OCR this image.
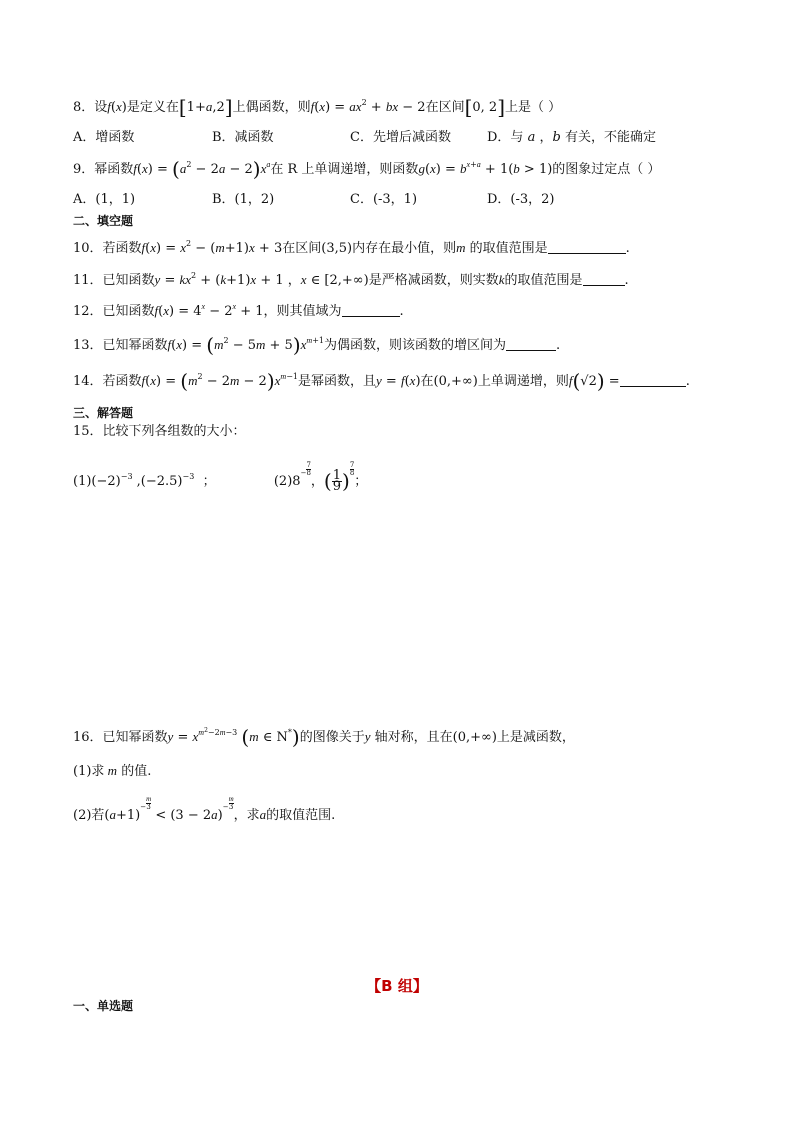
8．设f(x)是定义在[1+a,2]上偶函数，则$f(x) = ax^2$ + bx − 2在区间[0, 2]上是（ ）
A．增函数	B．减函数	C．先增后减函数	D．与 a ，b 有关，不能确定
9．幂函数$f(x) = (a^2 - 2a - 2)x^a$在 R 上单调递增，则函数$g(x) = b^{x+a} + 1(b > 1)$的图象过定点（ ）
A．(1，1)	B．(1，2)	C．(-3，1)	D．(-3，2)
二、填空题
10．若函数$f(x) = x^2 - (m+1)x + 3$在区间(3,5)内存在最小值，则m 的取值范围是	.
11．已知函数$y = kx^2 + (k+1)x + 1$ ，x ∈ [2,+∞)是严格减函数，则实数k的取值范围是	.
12．已知函数$f(x) = 4^x - 2^x + 1$，则其值域为	.
13．已知幂函数$f(x) = (m^2 - 5m + 5)x^{m+1}$为偶函数，则该函数的增区间为	.
14．若函数$f(x) = (m^2 - 2m - 2)x^{m-1}$是幂函数，且y = f(x)在(0,+∞)上单调递增，则f(√2) =	.
三、解答题
15．比较下列各组数的大小：
$(1)(-2)^{-3}$ $,(-2.5)^{-3}$  ；	$(2)8- \frac{7}{8}$
，( $\frac{1}{9}$ ) $\frac{7}{8}$
；
16．已知幂函数$y = x^{m^2-2m-3}$ (m ∈ N*)的图像关于y 轴对称，且在(0,+∞)上是减函数，
(1)求 m 的值.
(2)若$(a+1)- \frac{m}{3}$
< $(3 - 2a)- \frac{m}{3}$
，求a的取值范围.
【B 组】
一、单选题
